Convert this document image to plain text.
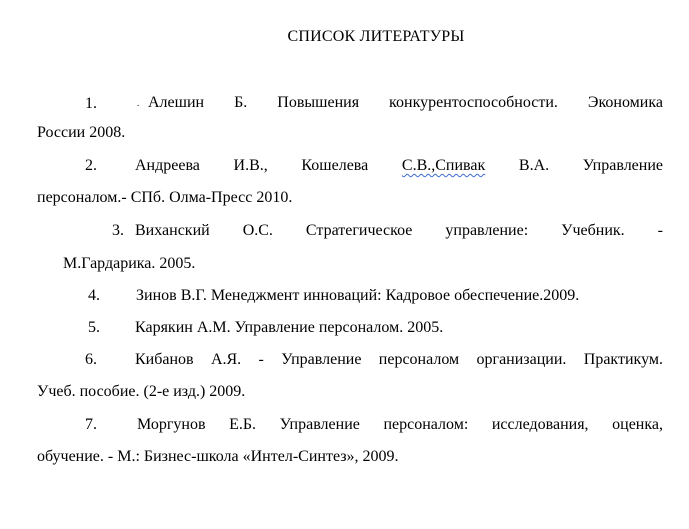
СПИСОК ЛИТЕРАТУРЫ
1.	. Алешин Б. Повышения конкурентоспособности. Экономика
России 2008.
2.	Андреева И.В., Кошелева С.В.,Спивак В.А. Управление
персоналом.- СПб. Олма-Пресс 2010.
3. Виханский О.С. Стратегическое управление: Учебник. -
М.Гардарика. 2005.
4.	Зинов В.Г. Менеджмент инноваций: Кадровое обеспечение.2009.
5.	Карякин А.М. Управление персоналом. 2005.
6.	Кибанов А.Я. - Управление персоналом организации. Практикум.
Учеб. пособие. (2-е изд.) 2009.
7.	Моргунов Е.Б. Управление персоналом: исследования, оценка,
обучение. - М.: Бизнес-школа «Интел-Синтез», 2009.
